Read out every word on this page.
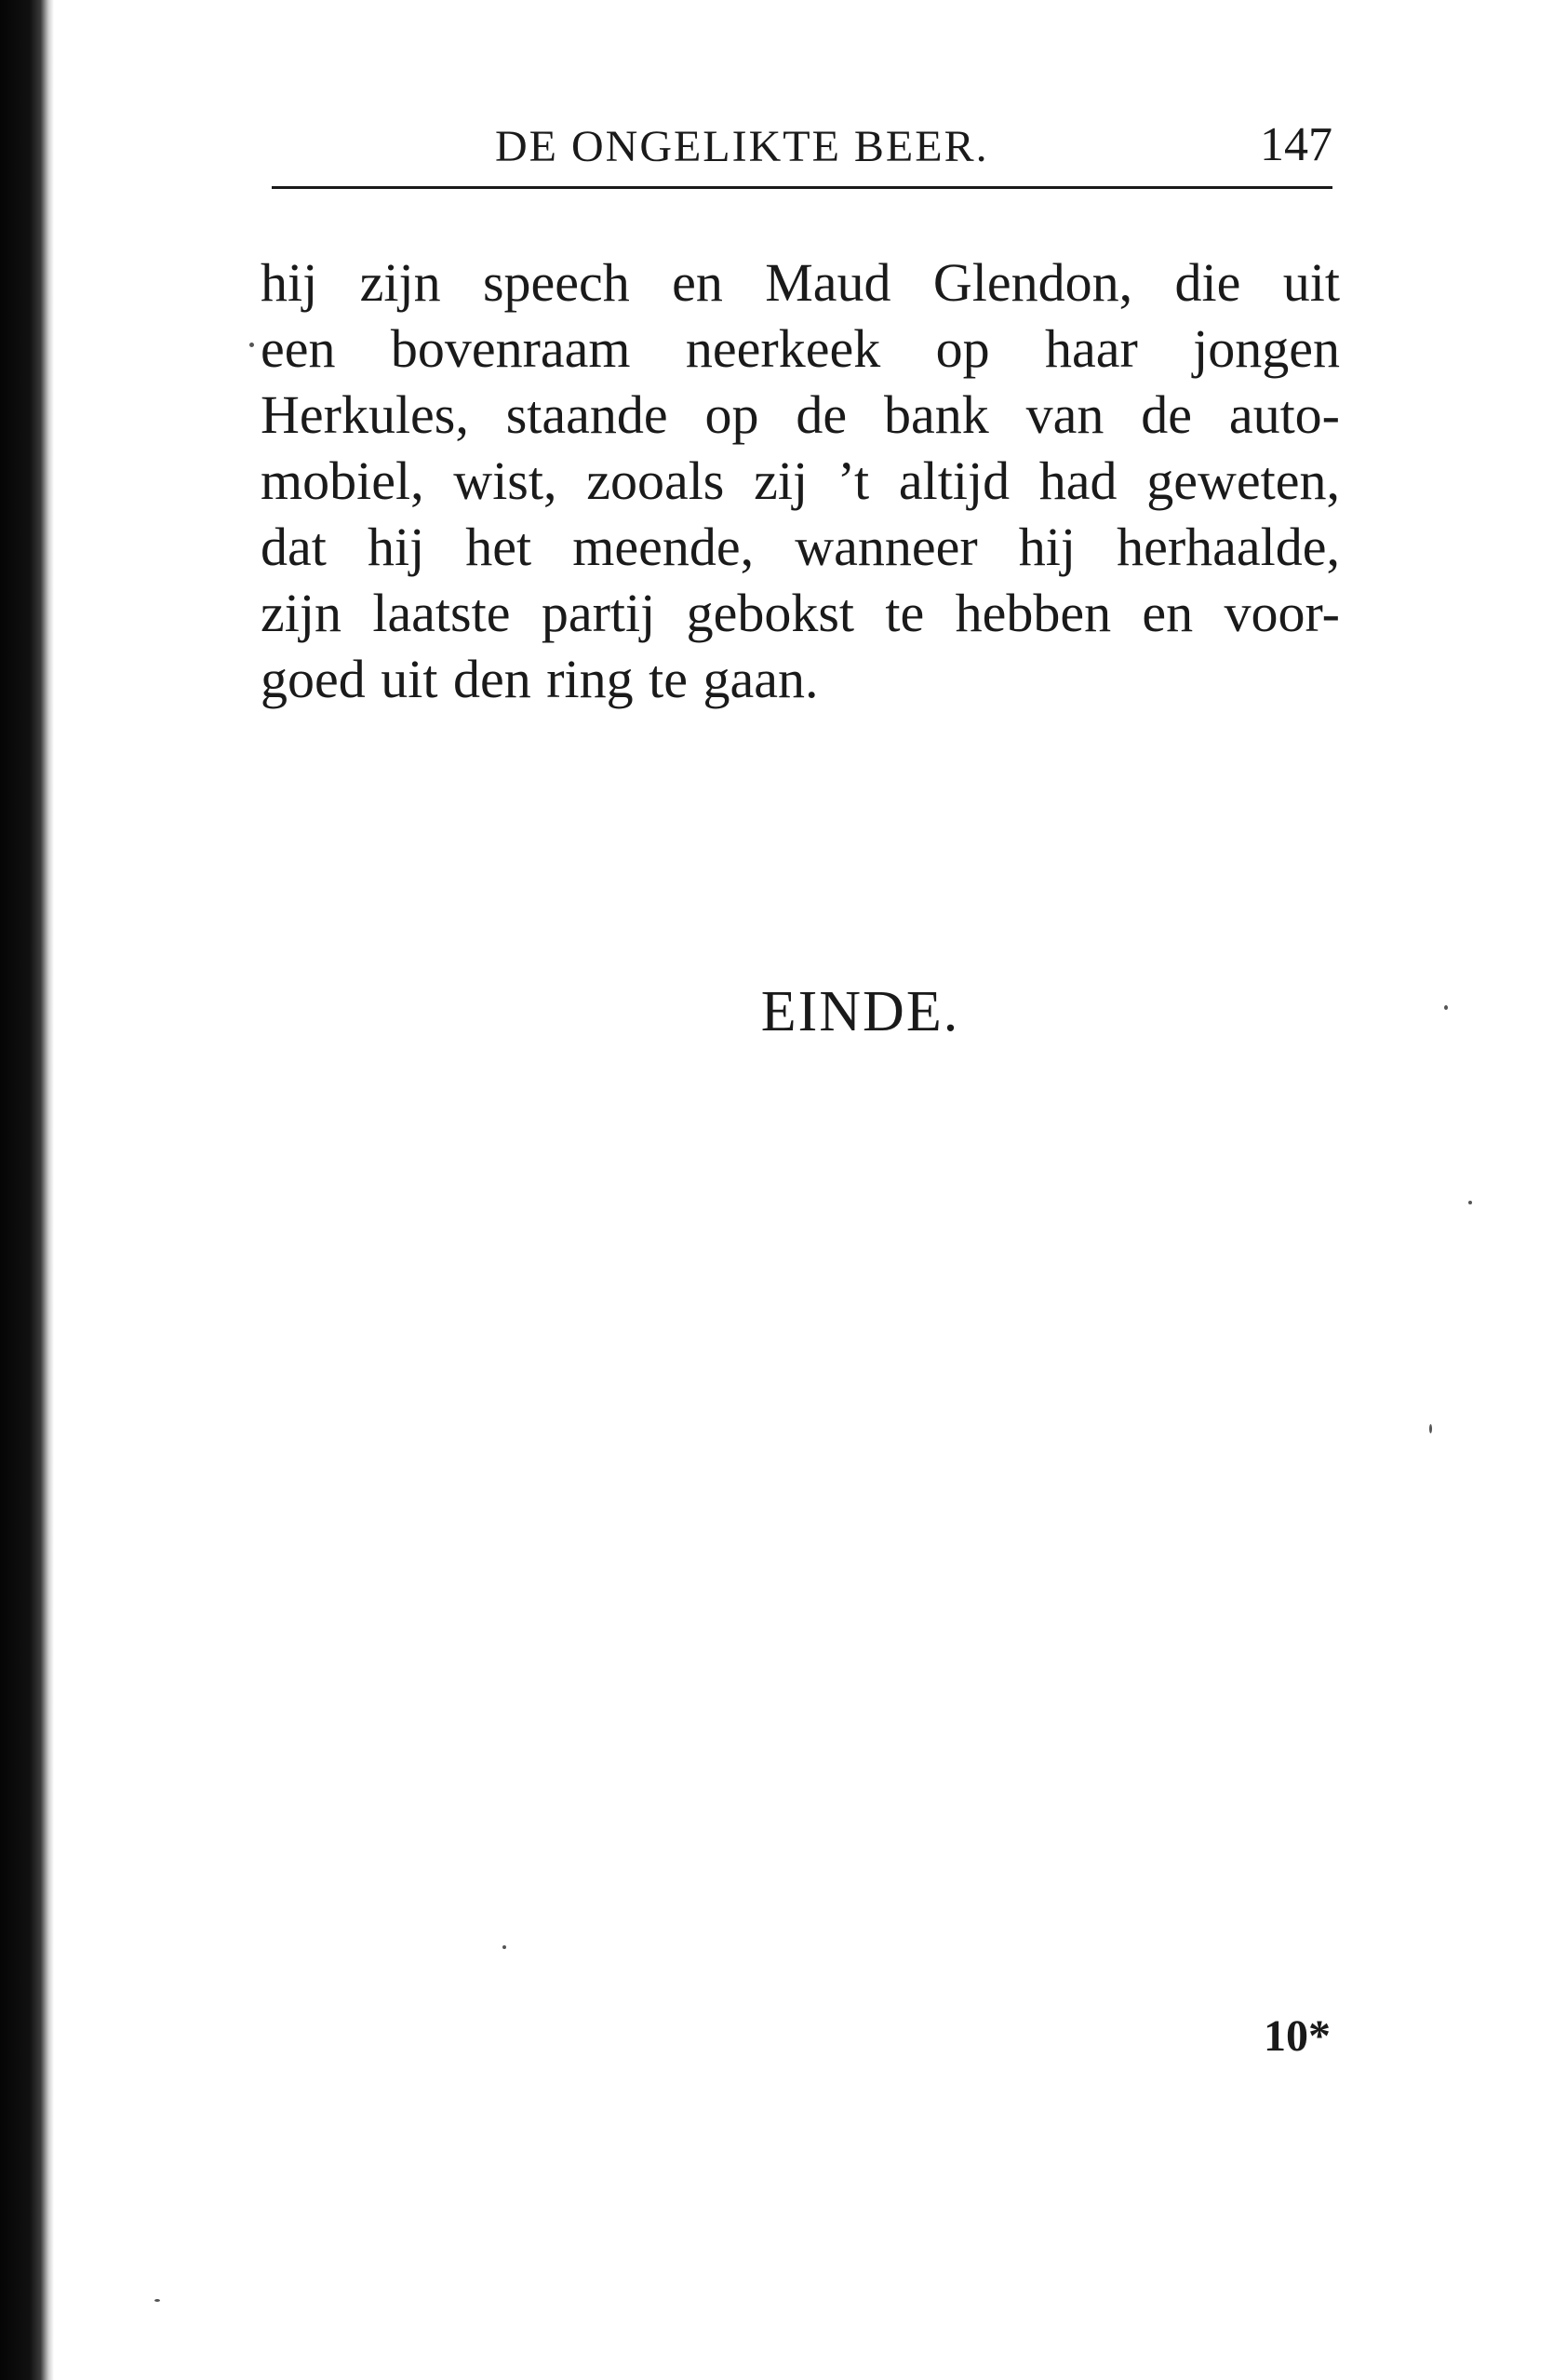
DE ONGELIKTE BEER.	147

hij zijn speech en Maud Glendon, die uit
een bovenraam neerkeek op haar jongen
Herkules, staande op de bank van de auto-
mobiel, wist, zooals zij ’t altijd had geweten,
dat hij het meende, wanneer hij herhaalde,
zijn laatste partij gebokst te hebben en voor-
goed uit den ring te gaan.

EINDE.
10*
